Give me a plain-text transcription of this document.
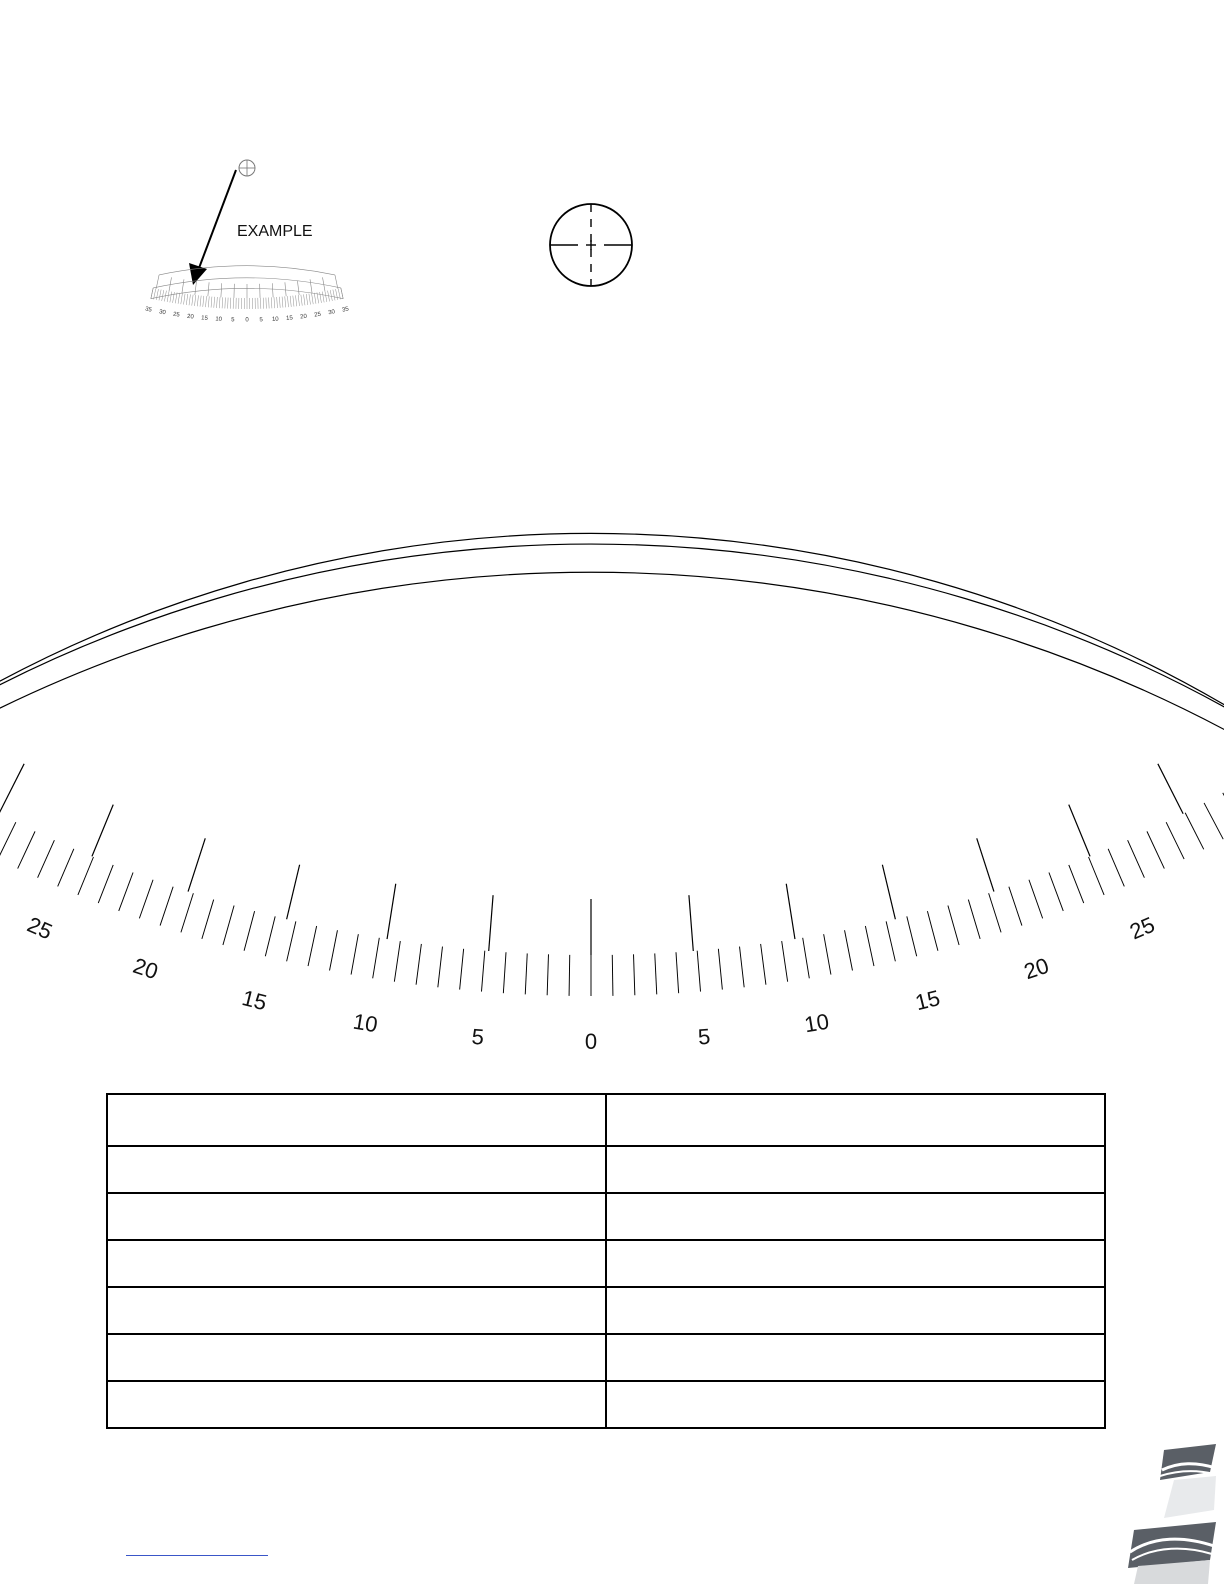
EXAMPLE
35
30
25
20
15
10
5
0
5
10
15
20
25
30
35
25
20
15
10
5
0
5
10
15
20
25
